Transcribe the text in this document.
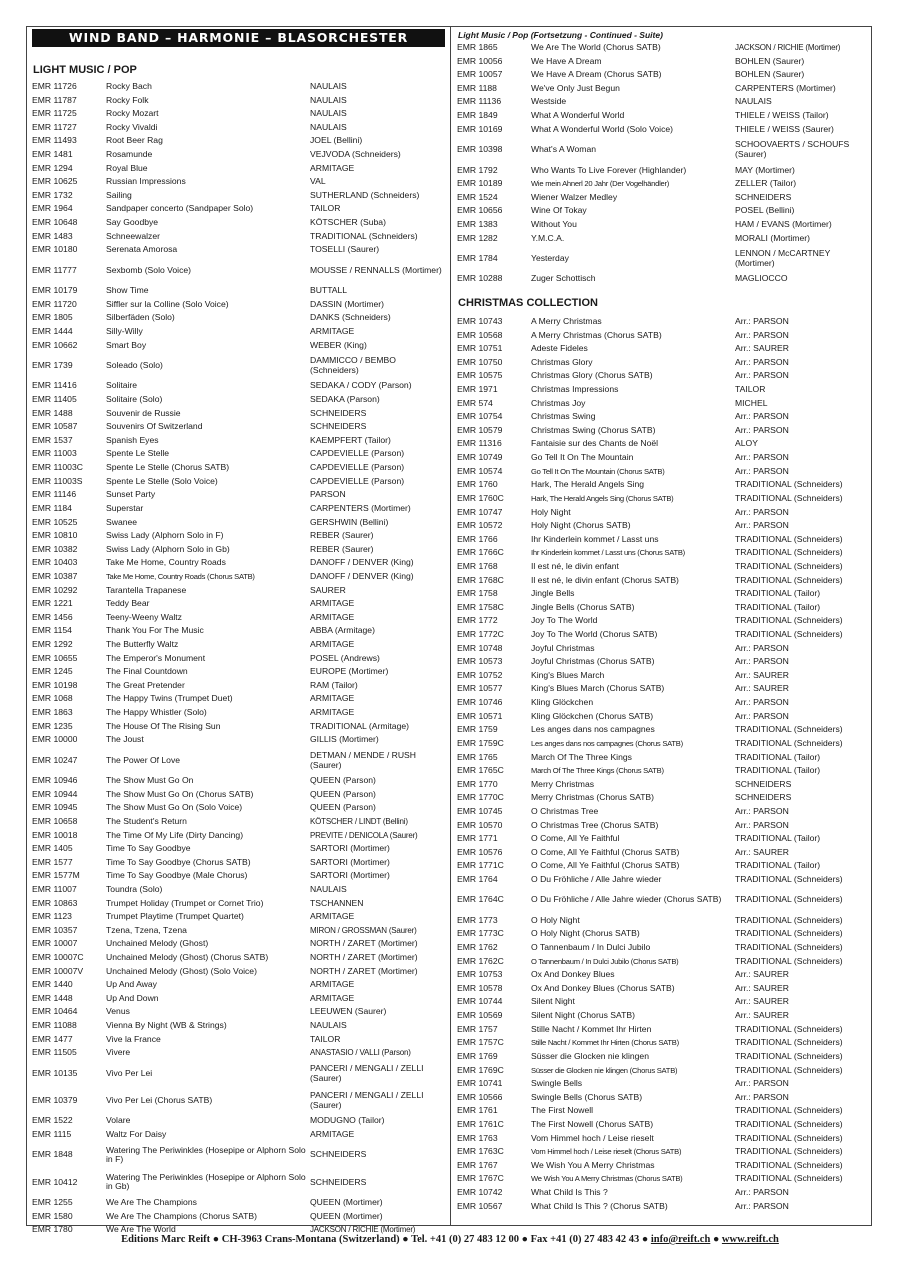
WIND BAND – HARMONIE – BLASORCHESTER
LIGHT MUSIC / POP
EMR 11726	Rocky Bach	NAULAIS
EMR 11787	Rocky Folk	NAULAIS
EMR 11725	Rocky Mozart	NAULAIS
EMR 11727	Rocky Vivaldi	NAULAIS
EMR 11493	Root Beer Rag	JOEL (Bellini)
EMR 1481	Rosamunde	VEJVODA (Schneiders)
EMR 1294	Royal Blue	ARMITAGE
EMR 10625	Russian Impressions	VAL
EMR 1732	Sailing	SUTHERLAND (Schneiders)
EMR 1964	Sandpaper concerto (Sandpaper Solo)	TAILOR
EMR 10648	Say Goodbye	KÖTSCHER (Suba)
EMR 1483	Schneewalzer	TRADITIONAL (Schneiders)
EMR 10180	Serenata Amorosa	TOSELLI (Saurer)
EMR 11777	Sexbomb (Solo Voice)	MOUSSE / RENNALLS (Mortimer)
EMR 10179	Show Time	BUTTALL
EMR 11720	Siffler sur la Colline (Solo Voice)	DASSIN (Mortimer)
EMR 1805	Silberfäden (Solo)	DANKS (Schneiders)
EMR 1444	Silly-Willy	ARMITAGE
EMR 10662	Smart Boy	WEBER (King)
EMR 1739	Soleado (Solo)	DAMMICCO / BEMBO (Schneiders)
EMR 11416	Solitaire	SEDAKA / CODY (Parson)
EMR 11405	Solitaire (Solo)	SEDAKA (Parson)
EMR 1488	Souvenir de Russie	SCHNEIDERS
EMR 10587	Souvenirs Of Switzerland	SCHNEIDERS
EMR 1537	Spanish Eyes	KAEMPFERT (Tailor)
EMR 11003	Spente Le Stelle	CAPDEVIELLE (Parson)
EMR 11003C	Spente Le Stelle (Chorus SATB)	CAPDEVIELLE (Parson)
EMR 11003S	Spente Le Stelle (Solo Voice)	CAPDEVIELLE (Parson)
EMR 11146	Sunset Party	PARSON
EMR 1184	Superstar	CARPENTERS (Mortimer)
EMR 10525	Swanee	GERSHWIN (Bellini)
EMR 10810	Swiss Lady (Alphorn Solo in F)	REBER (Saurer)
EMR 10382	Swiss Lady (Alphorn Solo in Gb)	REBER (Saurer)
EMR 10403	Take Me Home, Country Roads	DANOFF / DENVER (King)
EMR 10387	Take Me Home, Country Roads (Chorus SATB)	DANOFF / DENVER (King)
EMR 10292	Tarantella Trapanese	SAURER
EMR 1221	Teddy Bear	ARMITAGE
EMR 1456	Teeny-Weeny Waltz	ARMITAGE
EMR 1154	Thank You For The Music	ABBA (Armitage)
EMR 1292	The Butterfly Waltz	ARMITAGE
EMR 10655	The Emperor's Monument	POSEL (Andrews)
EMR 1245	The Final Countdown	EUROPE (Mortimer)
EMR 10198	The Great Pretender	RAM (Tailor)
EMR 1068	The Happy Twins (Trumpet Duet)	ARMITAGE
EMR 1863	The Happy Whistler (Solo)	ARMITAGE
EMR 1235	The House Of The Rising Sun	TRADITIONAL (Armitage)
EMR 10000	The Joust	GILLIS (Mortimer)
EMR 10247	The Power Of Love	DETMAN / MENDE / RUSH (Saurer)
EMR 10946	The Show Must Go On	QUEEN (Parson)
EMR 10944	The Show Must Go On (Chorus SATB)	QUEEN (Parson)
EMR 10945	The Show Must Go On (Solo Voice)	QUEEN (Parson)
EMR 10658	The Student's Return	KÖTSCHER / LINDT (Bellini)
EMR 10018	The Time Of My Life (Dirty Dancing)	PREVITE / DENICOLA (Saurer)
EMR 1405	Time To Say Goodbye	SARTORI (Mortimer)
EMR 1577	Time To Say Goodbye (Chorus SATB)	SARTORI (Mortimer)
EMR 1577M	Time To Say Goodbye (Male Chorus)	SARTORI (Mortimer)
EMR 11007	Toundra (Solo)	NAULAIS
EMR 10863	Trumpet Holiday (Trumpet or Cornet Trio)	TSCHANNEN
EMR 1123	Trumpet Playtime (Trumpet Quartet)	ARMITAGE
EMR 10357	Tzena, Tzena, Tzena	MIRON / GROSSMAN (Saurer)
EMR 10007	Unchained Melody (Ghost)	NORTH / ZARET (Mortimer)
EMR 10007C	Unchained Melody (Ghost) (Chorus SATB)	NORTH / ZARET (Mortimer)
EMR 10007V	Unchained Melody (Ghost) (Solo Voice)	NORTH / ZARET (Mortimer)
EMR 1440	Up And Away	ARMITAGE
EMR 1448	Up And Down	ARMITAGE
EMR 10464	Venus	LEEUWEN (Saurer)
EMR 11088	Vienna By Night (WB & Strings)	NAULAIS
EMR 1477	Vive la France	TAILOR
EMR 11505	Vivere	ANASTASIO / VALLI (Parson)
EMR 10135	Vivo Per Lei	PANCERI / MENGALI / ZELLI (Saurer)
EMR 10379	Vivo Per Lei (Chorus SATB)	PANCERI / MENGALI / ZELLI (Saurer)
EMR 1522	Volare	MODUGNO (Tailor)
EMR 1115	Waltz For Daisy	ARMITAGE
EMR 1848	Watering The Periwinkles (Hosepipe or Alphorn Solo in F)	SCHNEIDERS
EMR 10412	Watering The Periwinkles (Hosepipe or Alphorn Solo in Gb)	SCHNEIDERS
EMR 1255	We Are The Champions	QUEEN (Mortimer)
EMR 1580	We Are The Champions (Chorus SATB)	QUEEN (Mortimer)
EMR 1780	We Are The World	JACKSON / RICHIE (Mortimer)
Light Music / Pop (Fortsetzung - Continued - Suite)
EMR 1865	We Are The World (Chorus SATB)	JACKSON / RICHIE (Mortimer)
EMR 10056	We Have A Dream	BOHLEN (Saurer)
EMR 10057	We Have A Dream (Chorus SATB)	BOHLEN (Saurer)
EMR 1188	We've Only Just Begun	CARPENTERS (Mortimer)
EMR 11136	Westside	NAULAIS
EMR 1849	What A Wonderful World	THIELE / WEISS (Tailor)
EMR 10169	What A Wonderful World (Solo Voice)	THIELE / WEISS (Saurer)
EMR 10398	What's A Woman	SCHOOVAERTS / SCHOUFS (Saurer)
EMR 1792	Who Wants To Live Forever (Highlander)	MAY (Mortimer)
EMR 10189	Wie mein Ahnerl 20 Jahr (Der Vogelhändler)	ZELLER (Tailor)
EMR 1524	Wiener Walzer Medley	SCHNEIDERS
EMR 10656	Wine Of Tokay	POSEL (Bellini)
EMR 1383	Without You	HAM / EVANS (Mortimer)
EMR 1282	Y.M.C.A.	MORALI (Mortimer)
EMR 1784	Yesterday	LENNON / McCARTNEY (Mortimer)
EMR 10288	Zuger Schottisch	MAGLIOCCO
CHRISTMAS COLLECTION
EMR 10743	A Merry Christmas	Arr.: PARSON
EMR 10568	A Merry Christmas (Chorus SATB)	Arr.: PARSON
EMR 10751	Adeste Fideles	Arr.: SAURER
EMR 10750	Christmas Glory	Arr.: PARSON
EMR 10575	Christmas Glory (Chorus SATB)	Arr.: PARSON
EMR 1971	Christmas Impressions	TAILOR
EMR 574	Christmas Joy	MICHEL
EMR 10754	Christmas Swing	Arr.: PARSON
EMR 10579	Christmas Swing (Chorus SATB)	Arr.: PARSON
EMR 11316	Fantaisie sur des Chants de Noël	ALOY
EMR 10749	Go Tell It On The Mountain	Arr.: PARSON
EMR 10574	Go Tell It On The Mountain (Chorus SATB)	Arr.: PARSON
EMR 1760	Hark, The Herald Angels Sing	TRADITIONAL (Schneiders)
EMR 1760C	Hark, The Herald Angels Sing (Chorus SATB)	TRADITIONAL (Schneiders)
EMR 10747	Holy Night	Arr.: PARSON
EMR 10572	Holy Night (Chorus SATB)	Arr.: PARSON
EMR 1766	Ihr Kinderlein kommet / Lasst uns	TRADITIONAL (Schneiders)
EMR 1766C	Ihr Kinderlein kommet / Lasst uns (Chorus SATB)	TRADITIONAL (Schneiders)
EMR 1768	Il est né, le divin enfant	TRADITIONAL (Schneiders)
EMR 1768C	Il est né, le divin enfant (Chorus SATB)	TRADITIONAL (Schneiders)
EMR 1758	Jingle Bells	TRADITIONAL (Tailor)
EMR 1758C	Jingle Bells (Chorus SATB)	TRADITIONAL (Tailor)
EMR 1772	Joy To The World	TRADITIONAL (Schneiders)
EMR 1772C	Joy To The World (Chorus SATB)	TRADITIONAL (Schneiders)
EMR 10748	Joyful Christmas	Arr.: PARSON
EMR 10573	Joyful Christmas (Chorus SATB)	Arr.: PARSON
EMR 10752	King's Blues March	Arr.: SAURER
EMR 10577	King's Blues March (Chorus SATB)	Arr.: SAURER
EMR 10746	Kling Glöckchen	Arr.: PARSON
EMR 10571	Kling Glöckchen (Chorus SATB)	Arr.: PARSON
EMR 1759	Les anges dans nos campagnes	TRADITIONAL (Schneiders)
EMR 1759C	Les anges dans nos campagnes (Chorus SATB)	TRADITIONAL (Schneiders)
EMR 1765	March Of The Three Kings	TRADITIONAL (Tailor)
EMR 1765C	March Of The Three Kings (Chorus SATB)	TRADITIONAL (Tailor)
EMR 1770	Merry Christmas	SCHNEIDERS
EMR 1770C	Merry Christmas (Chorus SATB)	SCHNEIDERS
EMR 10745	O Christmas Tree	Arr.: PARSON
EMR 10570	O Christmas Tree (Chorus SATB)	Arr.: PARSON
EMR 1771	O Come, All Ye Faithful	TRADITIONAL (Tailor)
EMR 10576	O Come, All Ye Faithful (Chorus SATB)	Arr.: SAURER
EMR 1771C	O Come, All Ye Faithful (Chorus SATB)	TRADITIONAL (Tailor)
EMR 1764	O Du Fröhliche / Alle Jahre wieder	TRADITIONAL (Schneiders)
EMR 1764C	O Du Fröhliche / Alle Jahre wieder (Chorus SATB)	TRADITIONAL (Schneiders)
EMR 1773	O Holy Night	TRADITIONAL (Schneiders)
EMR 1773C	O Holy Night (Chorus SATB)	TRADITIONAL (Schneiders)
EMR 1762	O Tannenbaum / In Dulci Jubilo	TRADITIONAL (Schneiders)
EMR 1762C	O Tannenbaum / In Dulci Jubilo (Chorus SATB)	TRADITIONAL (Schneiders)
EMR 10753	Ox And Donkey Blues	Arr.: SAURER
EMR 10578	Ox And Donkey Blues (Chorus SATB)	Arr.: SAURER
EMR 10744	Silent Night	Arr.: SAURER
EMR 10569	Silent Night (Chorus SATB)	Arr.: SAURER
EMR 1757	Stille Nacht / Kommet Ihr Hirten	TRADITIONAL (Schneiders)
EMR 1757C	Stille Nacht / Kommet Ihr Hirten (Chorus SATB)	TRADITIONAL (Schneiders)
EMR 1769	Süsser die Glocken nie klingen	TRADITIONAL (Schneiders)
EMR 1769C	Süsser die Glocken nie klingen (Chorus SATB)	TRADITIONAL (Schneiders)
EMR 10741	Swingle Bells	Arr.: PARSON
EMR 10566	Swingle Bells (Chorus SATB)	Arr.: PARSON
EMR 1761	The First Nowell	TRADITIONAL (Schneiders)
EMR 1761C	The First Nowell (Chorus SATB)	TRADITIONAL (Schneiders)
EMR 1763	Vom Himmel hoch / Leise rieselt	TRADITIONAL (Schneiders)
EMR 1763C	Vom Himmel hoch / Leise rieselt (Chorus SATB)	TRADITIONAL (Schneiders)
EMR 1767	We Wish You A Merry Christmas	TRADITIONAL (Schneiders)
EMR 1767C	We Wish You A Merry Christmas (Chorus SATB)	TRADITIONAL (Schneiders)
EMR 10742	What Child Is This ?	Arr.: PARSON
EMR 10567	What Child Is This ? (Chorus SATB)	Arr.: PARSON
Editions Marc Reift ● CH-3963 Crans-Montana (Switzerland) ● Tel. +41 (0) 27 483 12 00 ● Fax +41 (0) 27 483 42 43 ● info@reift.ch ● www.reift.ch
